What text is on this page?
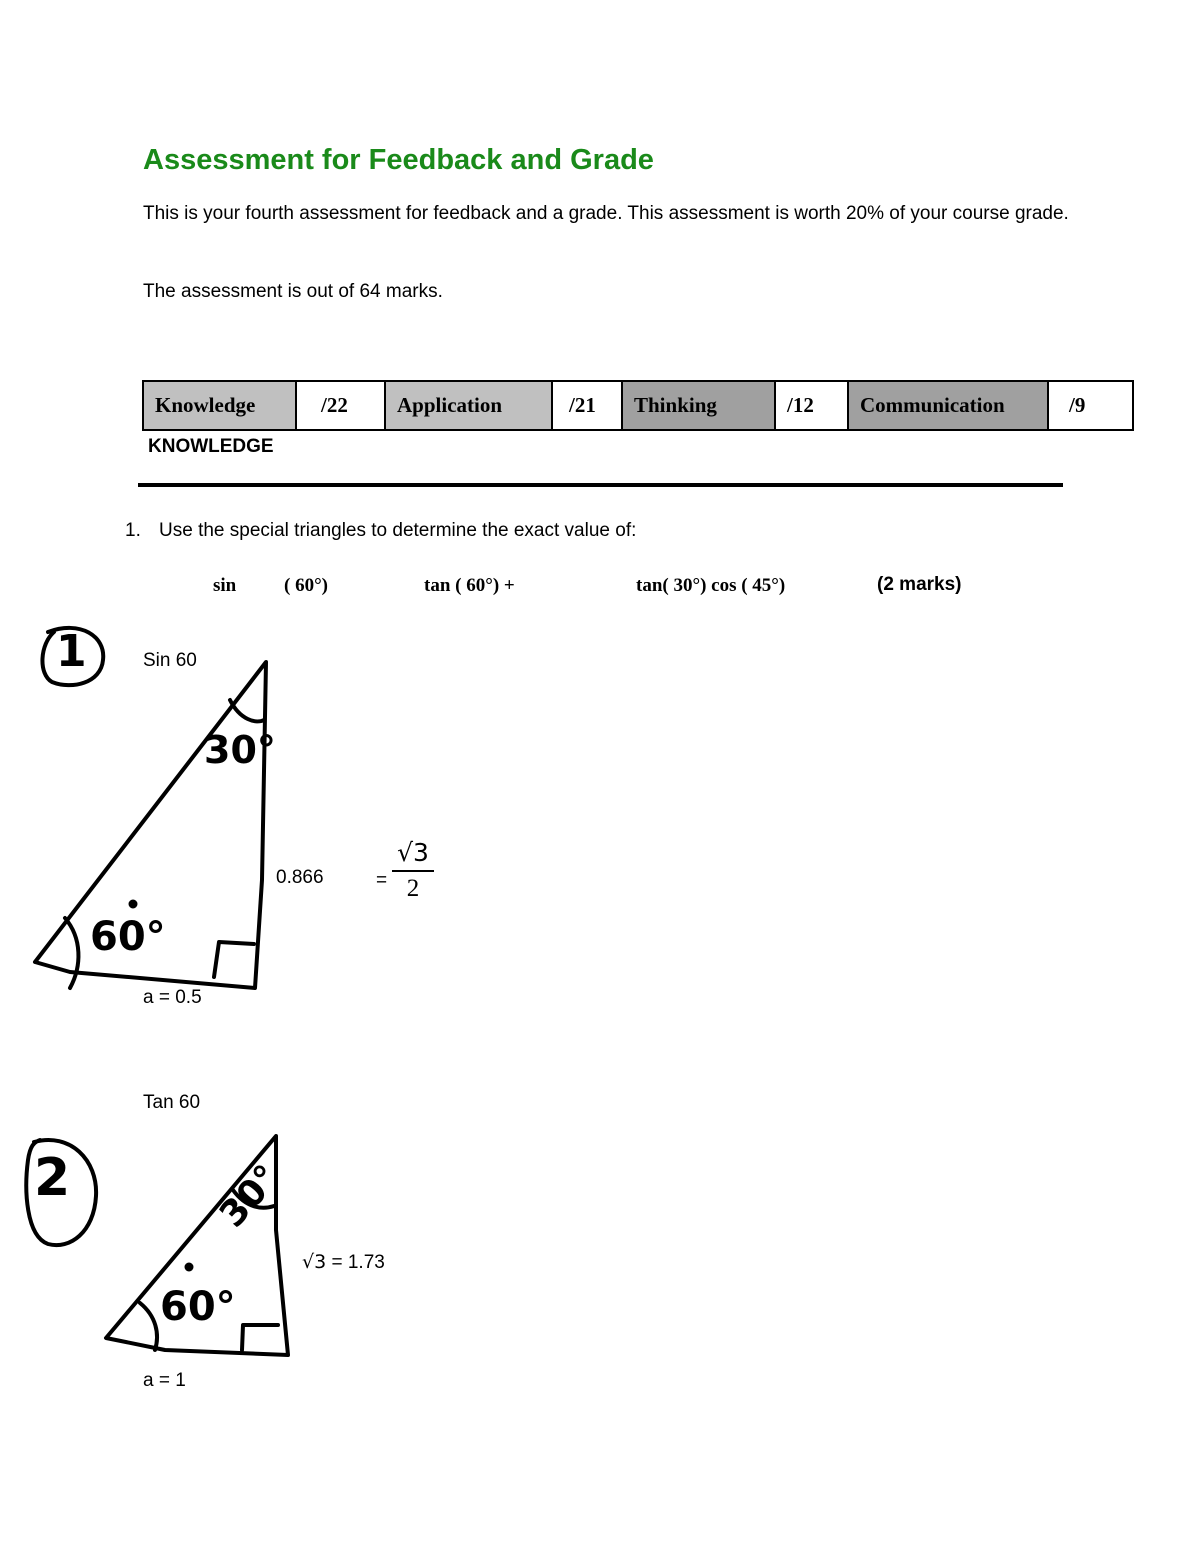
Assessment for Feedback and Grade
This is your fourth assessment for feedback and a grade. This assessment is worth 20% of your course grade.
The assessment is out of 64 marks.
Knowledge	/22	Application	/21	Thinking	/12	Communication	/9
KNOWLEDGE
1. Use the special triangles to determine the exact value of:
sin	( 60°)	tan ( 60°) +	tan( 30°) cos ( 45°)	(2 marks)
1
2
Sin 60
30°
60°
0.866	=
√3
2
a = 0.5
Tan 60
30°
60°
√3 = 1.73
a = 1
